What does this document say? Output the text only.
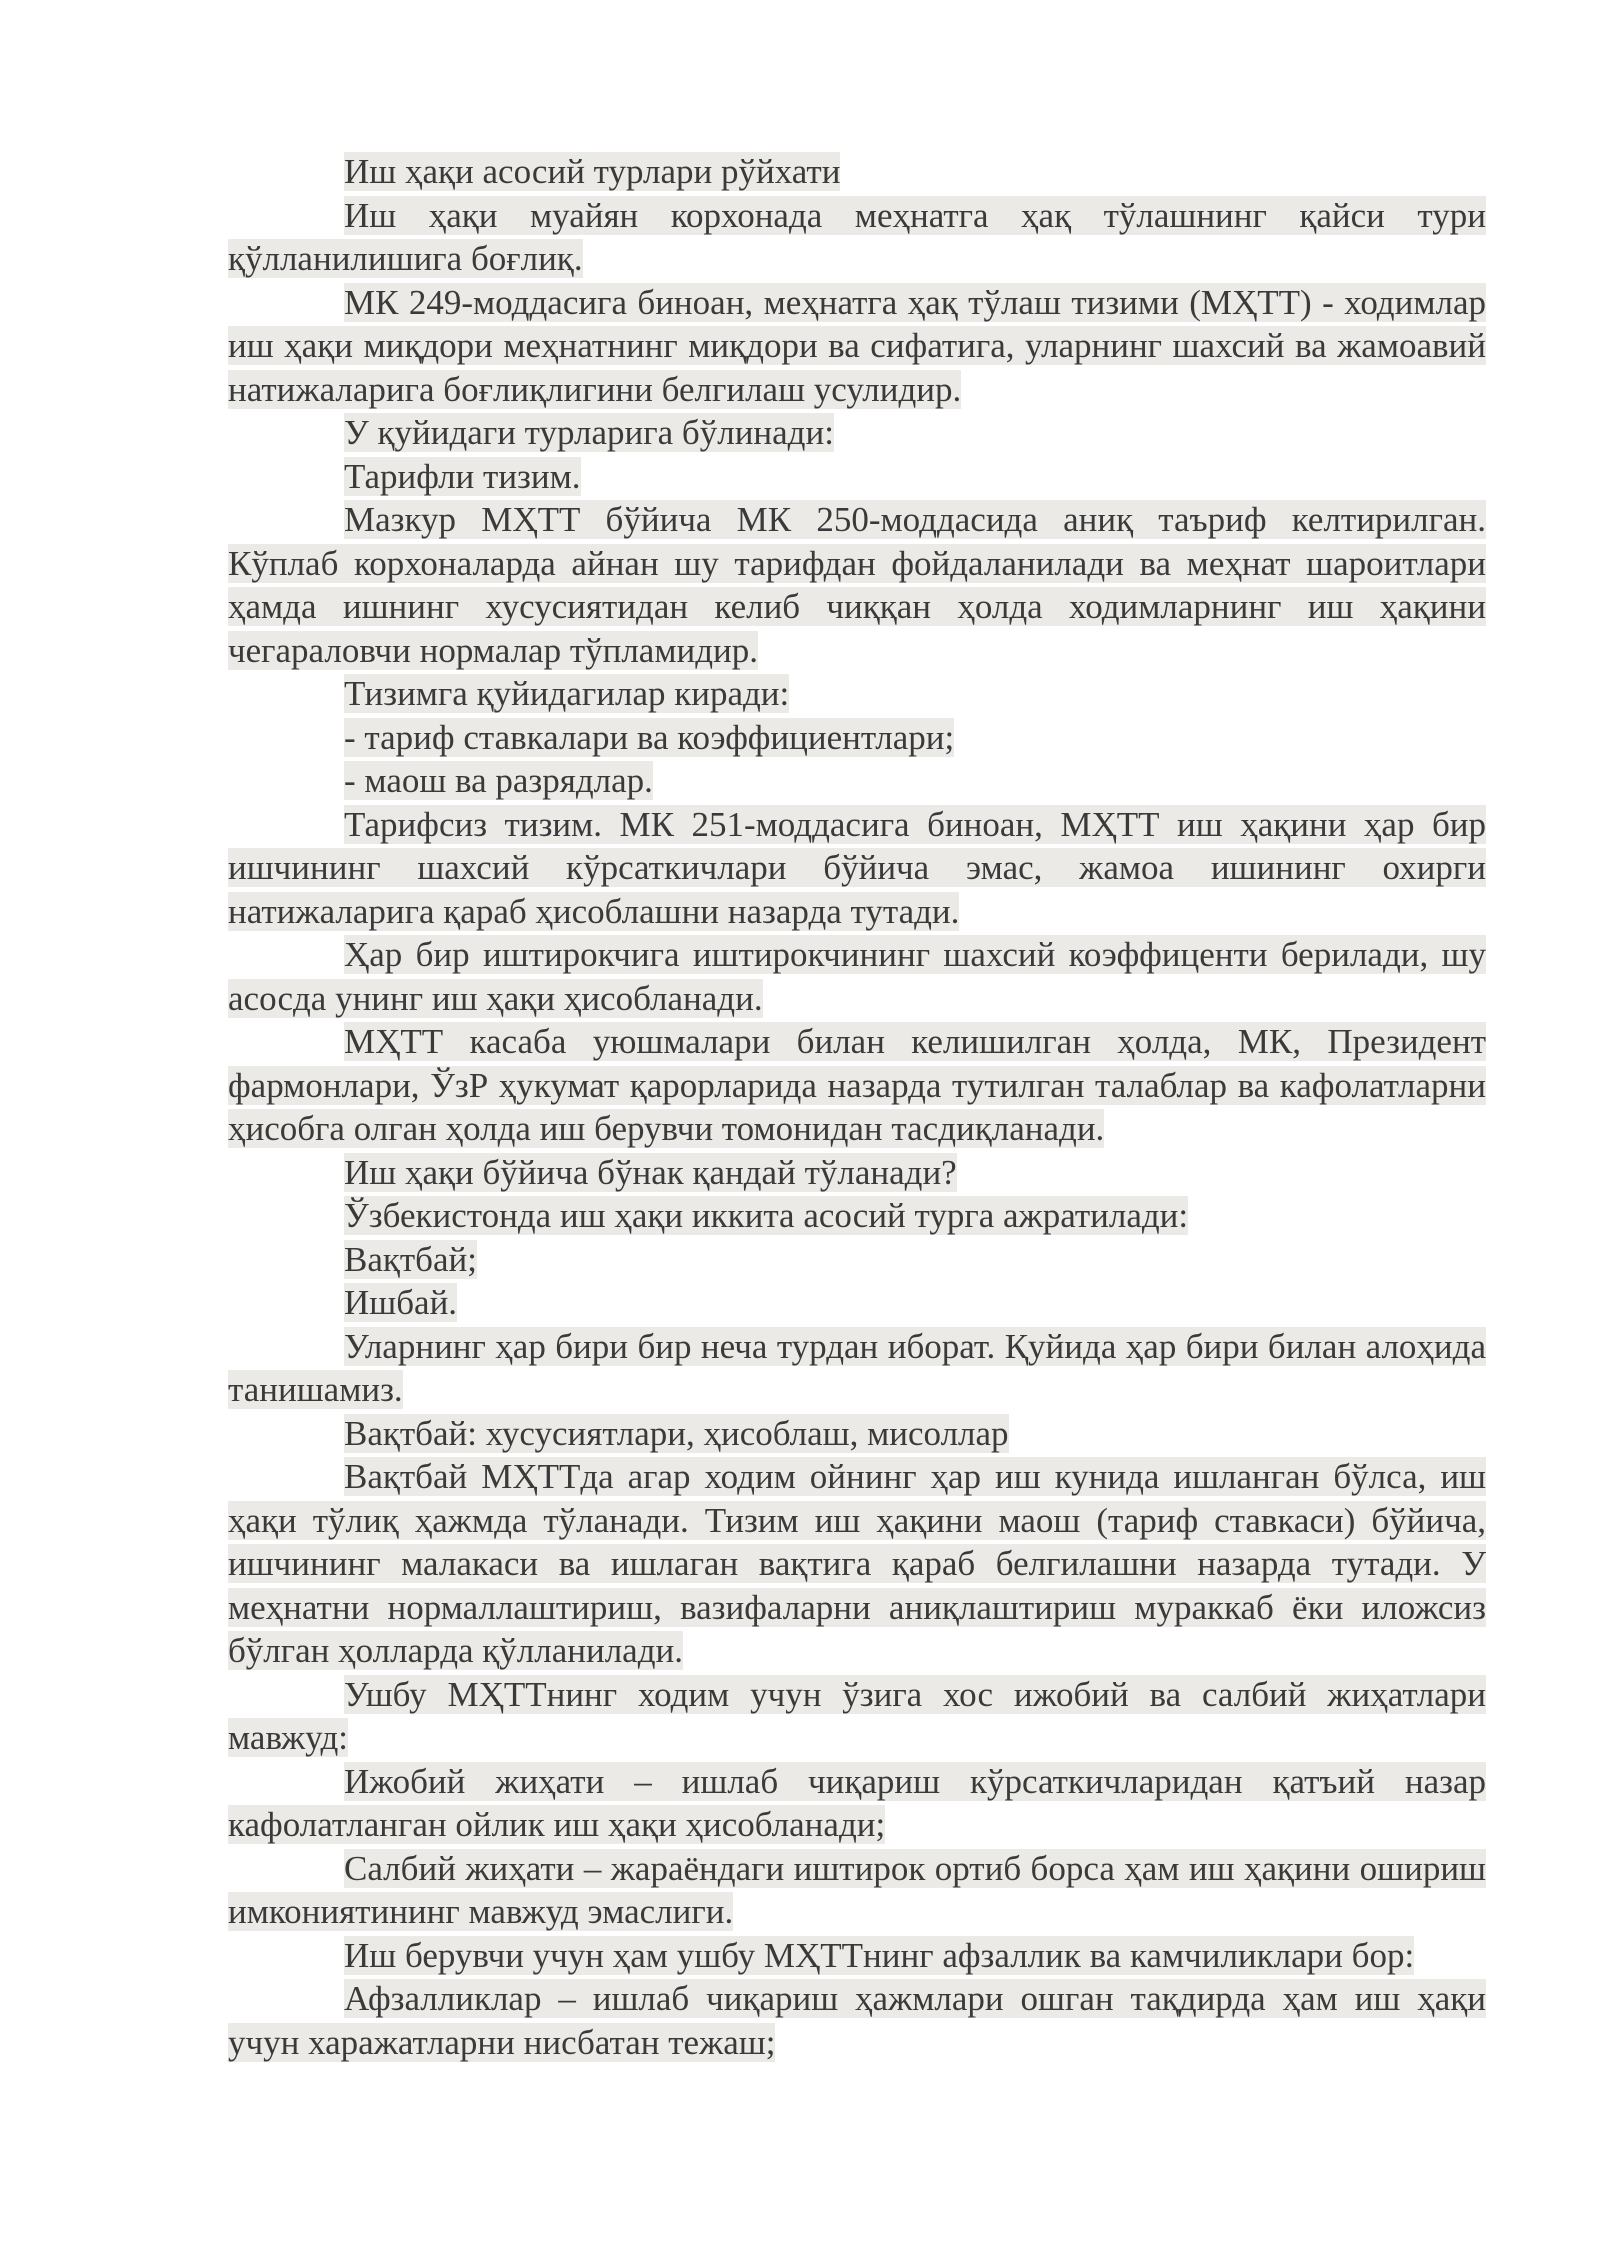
Иш ҳақи асосий турлари рўйхати

Иш ҳақи муайян корхонада меҳнатга ҳақ тўлашнинг қайси тури қўлланилишига боғлиқ.

МК 249-моддасига биноан, меҳнатга ҳақ тўлаш тизими (МҲТТ) - ходимлар иш ҳақи миқдори меҳнатнинг миқдори ва сифатига, уларнинг шахсий ва жамоавий натижаларига боғлиқлигини белгилаш усулидир.

У қуйидаги турларига бўлинади:

Тарифли тизим.

Мазкур МҲТТ бўйича МК 250-моддасида аниқ таъриф келтирилган. Кўплаб корхоналарда айнан шу тарифдан фойдаланилади ва меҳнат шароитлари ҳамда ишнинг хусусиятидан келиб чиққан ҳолда ходимларнинг иш ҳақини чегараловчи нормалар тўпламидир.

Тизимга қуйидагилар киради:

- тариф ставкалари ва коэффициентлари;

- маош ва разрядлар.

Тарифсиз тизим. МК 251-моддасига биноан, МҲТТ иш ҳақини ҳар бир ишчининг шахсий кўрсаткичлари бўйича эмас, жамоа ишининг охирги натижаларига қараб ҳисоблашни назарда тутади.

Ҳар бир иштирокчига иштирокчининг шахсий коэффиценти берилади, шу асосда унинг иш ҳақи ҳисобланади.

МҲТТ касаба уюшмалари билан келишилган ҳолда, МК, Президент фармонлари, ЎзР ҳукумат қарорларида назарда тутилган талаблар ва кафолатларни ҳисобга олган ҳолда иш берувчи томонидан тасдиқланади.

Иш ҳақи бўйича бўнак қандай тўланади?

Ўзбекистонда иш ҳақи иккита асосий турга ажратилади:

Вақтбай;

Ишбай.

Уларнинг ҳар бири бир неча турдан иборат. Қуйида ҳар бири билан алоҳида танишамиз.

Вақтбай: хусусиятлари, ҳисоблаш, мисоллар

Вақтбай МҲТТда агар ходим ойнинг ҳар иш кунида ишланган бўлса, иш ҳақи тўлиқ ҳажмда тўланади. Тизим иш ҳақини маош (тариф ставкаси) бўйича, ишчининг малакаси ва ишлаган вақтига қараб белгилашни назарда тутади. У меҳнатни нормаллаштириш, вазифаларни аниқлаштириш мураккаб ёки иложсиз бўлган ҳолларда қўлланилади.

Ушбу МҲТТнинг ходим учун ўзига хос ижобий ва салбий жиҳатлари мавжуд:

Ижобий жиҳати – ишлаб чиқариш кўрсаткичларидан қатъий назар кафолатланган ойлик иш ҳақи ҳисобланади;

Салбий жиҳати – жараёндаги иштирок ортиб борса ҳам иш ҳақини ошириш имкониятининг мавжуд эмаслиги.

Иш берувчи учун ҳам ушбу МҲТТнинг афзаллик ва камчиликлари бор:

Афзалликлар – ишлаб чиқариш ҳажмлари ошган тақдирда ҳам иш ҳақи учун харажатларни нисбатан тежаш;
